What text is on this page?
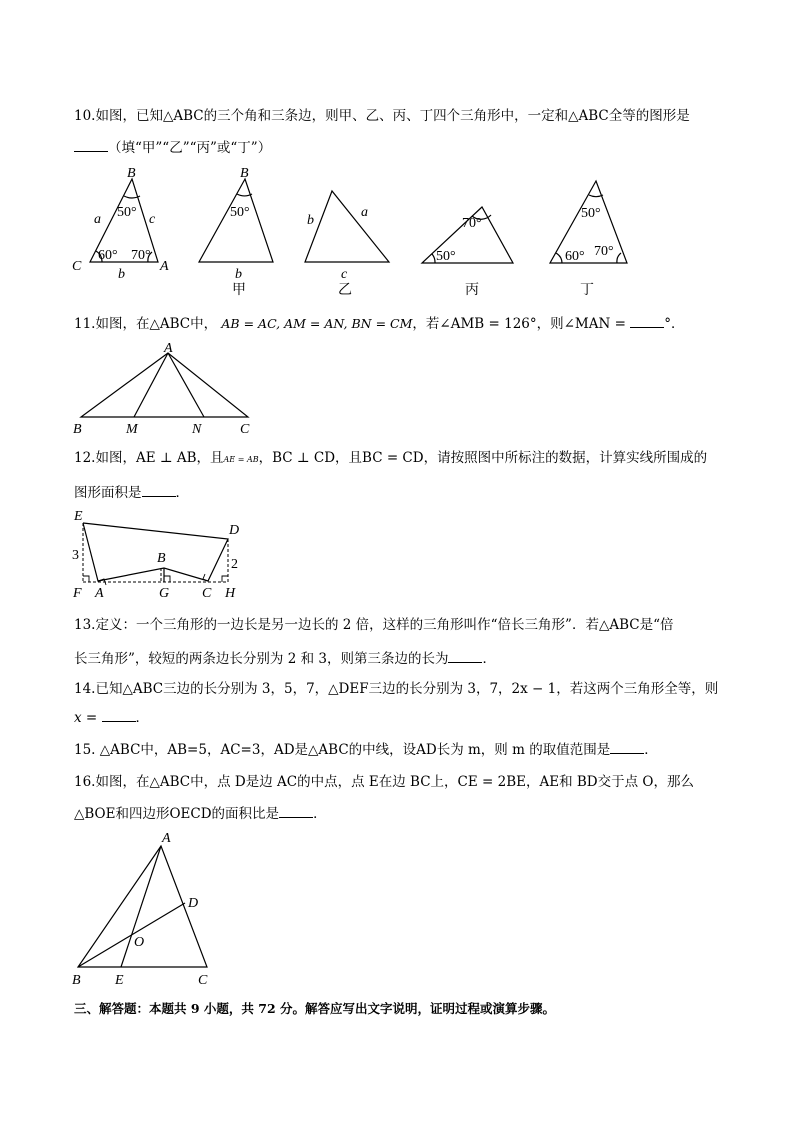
10.如图，已知△ABC的三个角和三条边，则甲、乙、丙、丁四个三角形中，一定和△ABC全等的图形是
（填“甲”“乙”“丙”或“丁”）
B
C	A
a	c
b
50°
60° 70°
B
50°
b
甲
b
a
c
乙
70°
50°
丙
50°
60° 70°
丁
11.如图，在△ABC中， AB = AC, AM = AN, BN = CM，若∠AMB = 126°，则∠MAN =	°．
A
B	M	N	C
12.如图，AE ⊥ AB，且AE = AB，BC ⊥ CD，且BC = CD，请按照图中所标注的数据，计算实线所围成的
图形面积是	．
E
D
B
F A	G C H
3
2
13.定义：一个三角形的一边长是另一边长的 2 倍，这样的三角形叫作“倍长三角形”．若△ABC是“倍
长三角形”，较短的两条边长分别为 2 和 3，则第三条边的长为	．
14.已知△ABC三边的长分别为 3，5，7，△DEF三边的长分别为 3，7，2x − 1，若这两个三角形全等，则
x =	．
15. △ABC中，AB=5，AC=3，AD是△ABC的中线，设AD长为 m，则 m 的取值范围是	．
16.如图，在△ABC中，点 D是边 AC的中点，点 E在边 BC上，CE = 2BE，AE和 BD交于点 O，那么
△BOE和四边形OECD的面积比是	．
A
D
O
B E	C
三、解答题：本题共 9 小题，共 72 分。解答应写出文字说明，证明过程或演算步骤。
